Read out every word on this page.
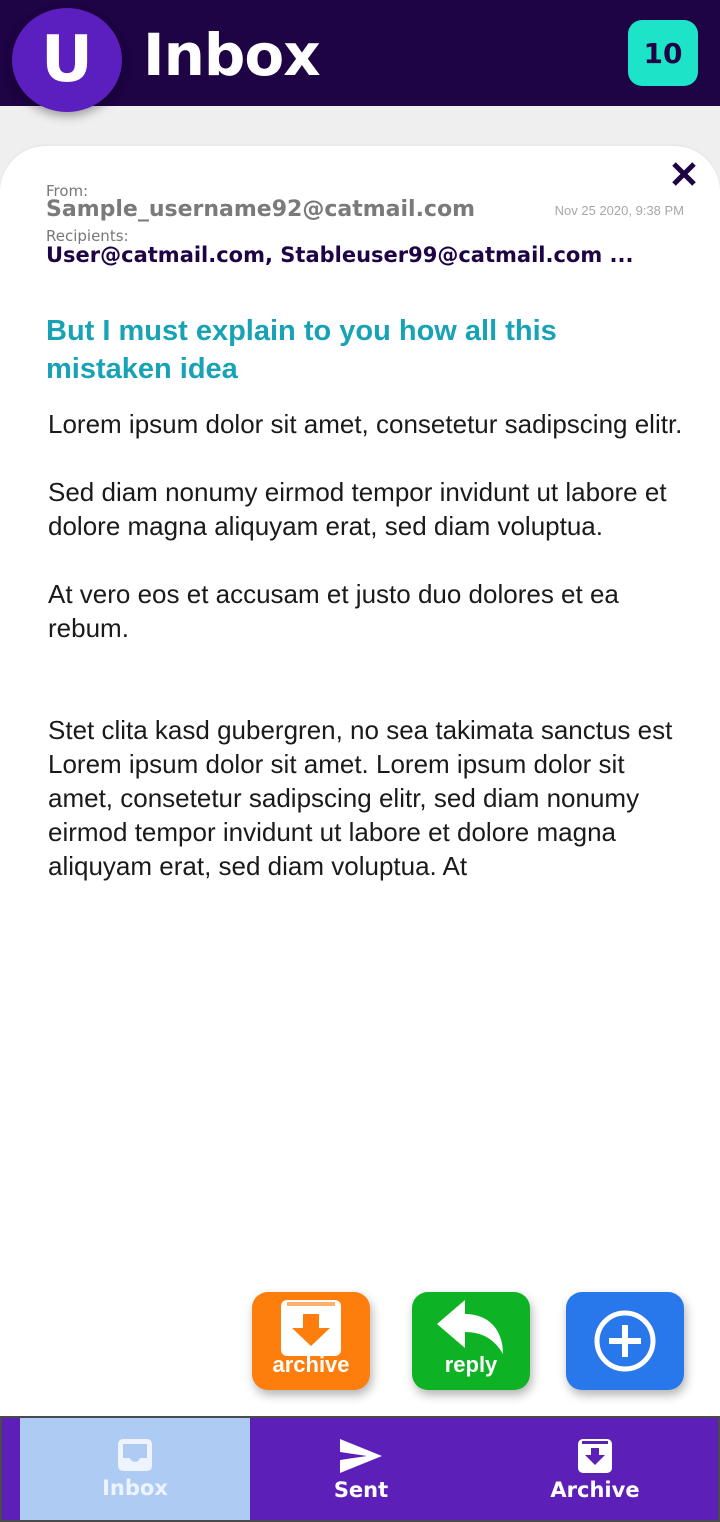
Inbox	10
U
From:
Sample_username92@catmail.com	Nov 25 2020, 9:38 PM
Recipients:
User@catmail.com, Stableuser99@catmail.com ...
But I must explain to you how all this mistaken idea

Lorem ipsum dolor sit amet, consetetur sadipscing elitr.

Sed diam nonumy eirmod tempor invidunt ut labore et dolore magna aliquyam erat, sed diam voluptua.

At vero eos et accusam et justo duo dolores et ea rebum.

Stet clita kasd gubergren, no sea takimata sanctus est Lorem ipsum dolor sit amet. Lorem ipsum dolor sit amet, consetetur sadipscing elitr, sed diam nonumy eirmod tempor invidunt ut labore et dolore magna aliquyam erat, sed diam voluptua. At

archive	reply
Inbox	Sent	Archive
